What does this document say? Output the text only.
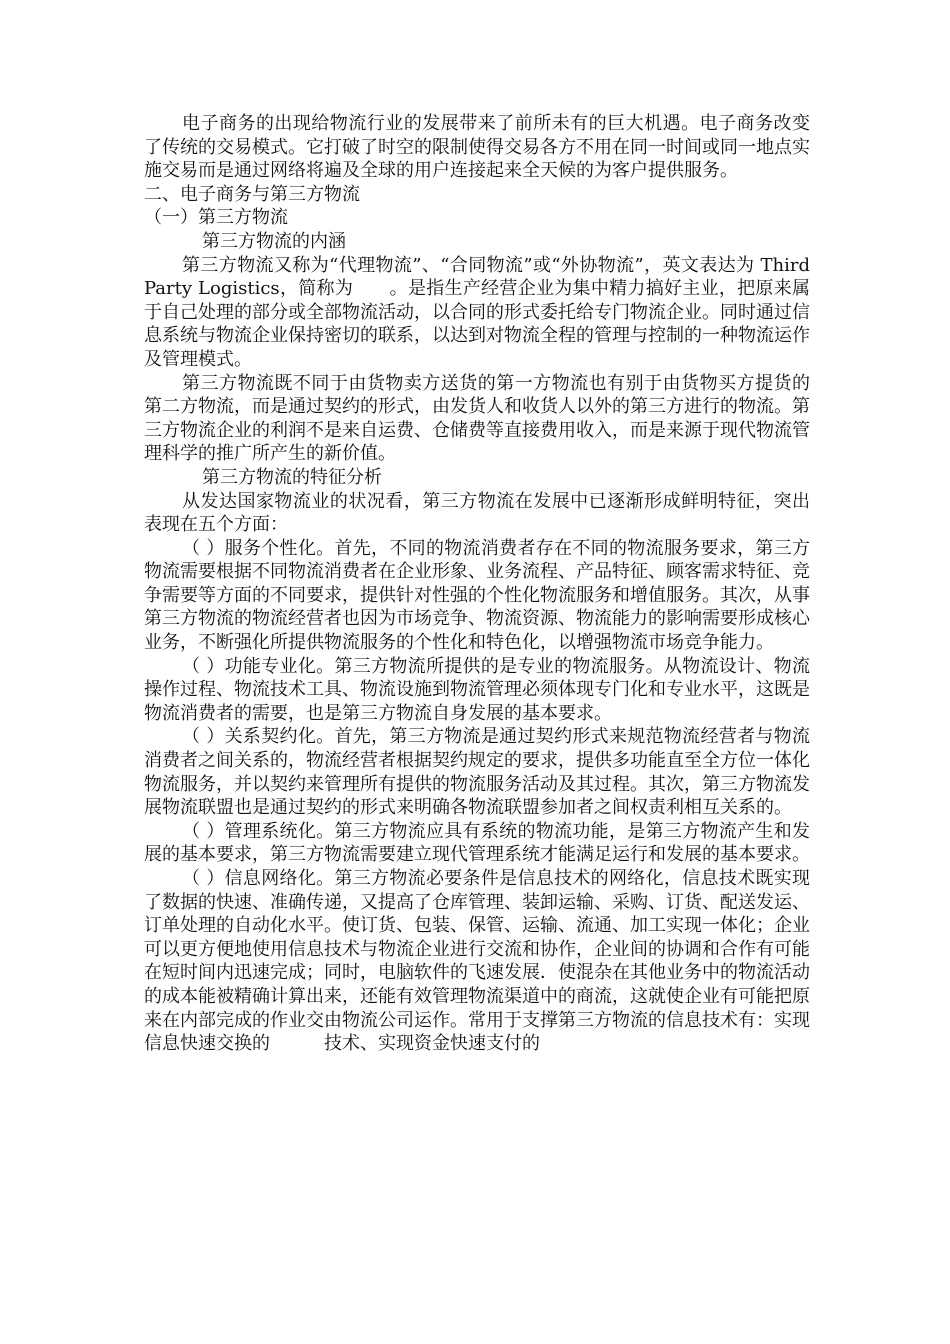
电子商务的出现给物流行业的发展带来了前所未有的巨大机遇。电子商务改变了传统的交易模式。它打破了时空的限制使得交易各方不用在同一时间或同一地点实施交易而是通过网络将遍及全球的用户连接起来全天候的为客户提供服务。

二、电子商务与第三方物流

（一）第三方物流

第三方物流的内涵

第三方物流又称为“代理物流”、“合同物流”或“外协物流”，英文表达为 Third Party Logistics，简称为　　。是指生产经营企业为集中精力搞好主业，把原来属于自己处理的部分或全部物流活动，以合同的形式委托给专门物流企业。同时通过信息系统与物流企业保持密切的联系，以达到对物流全程的管理与控制的一种物流运作及管理模式。

第三方物流既不同于由货物卖方送货的第一方物流也有别于由货物买方提货的第二方物流，而是通过契约的形式，由发货人和收货人以外的第三方进行的物流。第三方物流企业的利润不是来自运费、仓储费等直接费用收入，而是来源于现代物流管理科学的推广所产生的新价值。

第三方物流的特征分析

从发达国家物流业的状况看，第三方物流在发展中已逐渐形成鲜明特征，突出表现在五个方面：

（ ）服务个性化。首先，不同的物流消费者存在不同的物流服务要求，第三方物流需要根据不同物流消费者在企业形象、业务流程、产品特征、顾客需求特征、竞争需要等方面的不同要求，提供针对性强的个性化物流服务和增值服务。其次，从事第三方物流的物流经营者也因为市场竞争、物流资源、物流能力的影响需要形成核心业务，不断强化所提供物流服务的个性化和特色化，以增强物流市场竞争能力。

（ ）功能专业化。第三方物流所提供的是专业的物流服务。从物流设计、物流操作过程、物流技术工具、物流设施到物流管理必须体现专门化和专业水平，这既是物流消费者的需要，也是第三方物流自身发展的基本要求。

（ ）关系契约化。首先，第三方物流是通过契约形式来规范物流经营者与物流消费者之间关系的，物流经营者根据契约规定的要求，提供多功能直至全方位一体化物流服务，并以契约来管理所有提供的物流服务活动及其过程。其次，第三方物流发展物流联盟也是通过契约的形式来明确各物流联盟参加者之间权责利相互关系的。

（ ）管理系统化。第三方物流应具有系统的物流功能，是第三方物流产生和发展的基本要求，第三方物流需要建立现代管理系统才能满足运行和发展的基本要求。

（ ）信息网络化。第三方物流必要条件是信息技术的网络化，信息技术既实现了数据的快速、准确传递，又提高了仓库管理、装卸运输、采购、订货、配送发运、订单处理的自动化水平。使订货、包装、保管、运输、流通、加工实现一体化；企业可以更方便地使用信息技术与物流企业进行交流和协作，企业间的协调和合作有可能在短时间内迅速完成；同时，电脑软件的飞速发展．使混杂在其他业务中的物流活动的成本能被精确计算出来，还能有效管理物流渠道中的商流，这就使企业有可能把原来在内部完成的作业交由物流公司运作。常用于支撑第三方物流的信息技术有：实现信息快速交换的　　　技术、实现资金快速支付的
